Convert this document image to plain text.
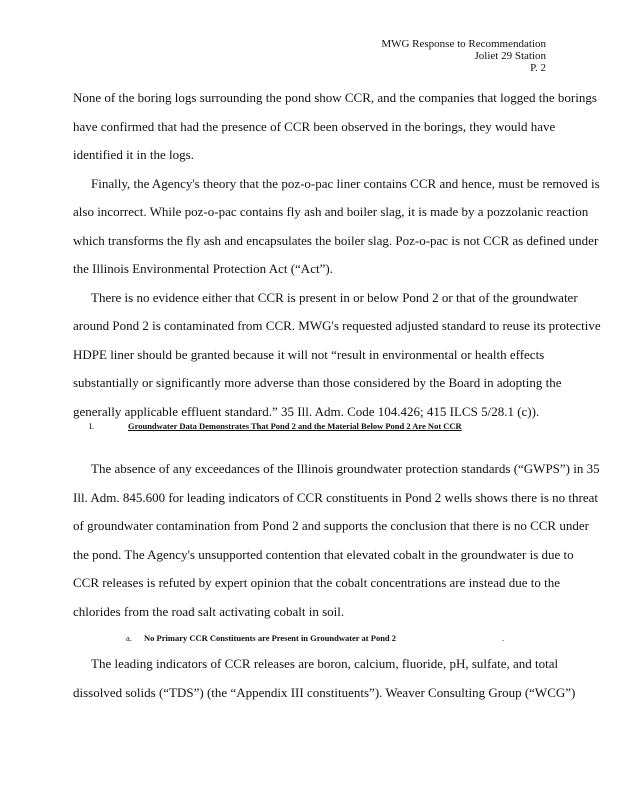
MWG Response to Recommendation
Joliet 29 Station
P. 2

None of the boring logs surrounding the pond show CCR, and the companies that logged the borings have confirmed that had the presence of CCR been observed in the borings, they would have identified it in the logs.

Finally, the Agency's theory that the poz-o-pac liner contains CCR and hence, must be removed is also incorrect. While poz-o-pac contains fly ash and boiler slag, it is made by a pozzolanic reaction which transforms the fly ash and encapsulates the boiler slag. Poz-o-pac is not CCR as defined under the Illinois Environmental Protection Act (“Act”).

There is no evidence either that CCR is present in or below Pond 2 or that of the groundwater around Pond 2 is contaminated from CCR. MWG's requested adjusted standard to reuse its protective HDPE liner should be granted because it will not “result in environmental or health effects substantially or significantly more adverse than those considered by the Board in adopting the generally applicable effluent standard.” 35 Ill. Adm. Code 104.426; 415 ILCS 5/28.1 (c)).

I.	Groundwater Data Demonstrates That Pond 2 and the Material Below Pond 2 Are Not CCR

The absence of any exceedances of the Illinois groundwater protection standards (“GWPS”) in 35 Ill. Adm. 845.600 for leading indicators of CCR constituents in Pond 2 wells shows there is no threat of groundwater contamination from Pond 2 and supports the conclusion that there is no CCR under the pond. The Agency's unsupported contention that elevated cobalt in the groundwater is due to CCR releases is refuted by expert opinion that the cobalt concentrations are instead due to the chlorides from the road salt activating cobalt in soil.

a. No Primary CCR Constituents are Present in Groundwater at Pond 2	.

The leading indicators of CCR releases are boron, calcium, fluoride, pH, sulfate, and total dissolved solids (“TDS”) (the “Appendix III constituents”). Weaver Consulting Group (“WCG”)
